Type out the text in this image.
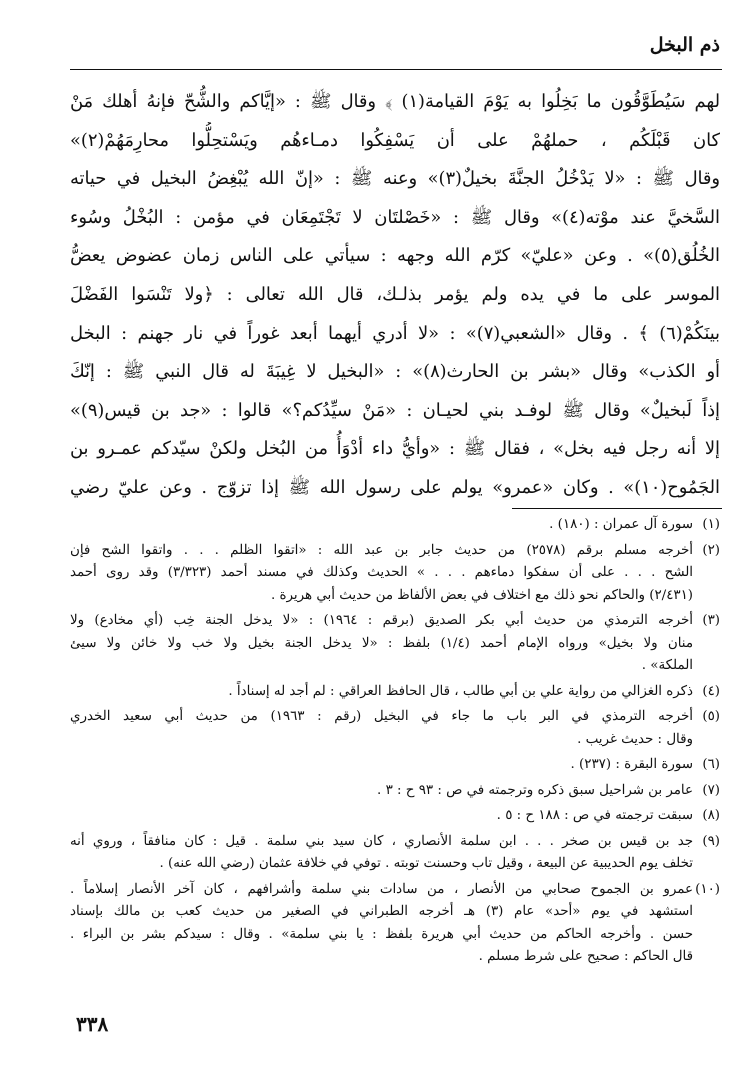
ذم البخل
لهم سَيُطَوَّقُون ما بَخِلُوا به يَوْمَ القيامة(١) ﴾ وقال ﷺ : «إيَّاكم والشُّحّ فإنهُ أهلك مَنْ
كان قَبْلَكُم ، حملهُمْ على أن يَسْفِكُوا دمـاءهُم ويَسْتحِلُّوا محارِمَهُمْ(٢)»
وقال ﷺ : «لا يَدْخُلُ الجنَّةَ بخيلٌ(٣)» وعنه ﷺ : «إنّ الله يُبْغِضُ البخيل في حياته
السَّخيَّ عند موْته(٤)» وقال ﷺ : «خَصْلتَان لا تَجْتَمِعَان في مؤمن : البُخْلُ وسُوء
الخُلُق(٥)» . وعن «عليّ» كرّم الله وجهه : سيأتي على الناس زمان عضوض يعضُّ
الموسر على ما في يده ولم يؤمر بذلـك، قال الله تعالى : ﴿ولا تَنْسَوا الفَضْلَ
بينَكُمْ(٦) ﴾ . وقال «الشعبي(٧)» : «لا أدري أيهما أبعد غوراً في نار جهنم : البخل
أو الكذب» وقال «بشر بن الحارث(٨)» : «البخيل لا غِيبَةَ له قال النبي ﷺ : إنّكَ
إذاً لَبخيلٌ» وقال ﷺ لوفـد بني لحيـان : «مَنْ سيِّدُكم؟» قالوا : «جد بن قيس(٩)»
إلا أنه رجل فيه بخل» ، فقال ﷺ : «وأيُّ داء أدْوَأُ من البُخل ولكنْ سيّدكم عمـرو بن
الجَمُوح(١٠)» . وكان «عمرو» يولم على رسول الله ﷺ إذا تزوّج . وعن عليّ رضي
(١)
سورة آل عمران : (١٨٠) .
(٢)
أخرجه مسلم برقم (٢٥٧٨) من حديث جابر بن عبد الله : «اتقوا الظلم . . . واتقوا الشح فإن
الشح . . . على أن سفكوا دماءهم . . . » الحديث وكذلك في مسند أحمد (٣/٣٢٣) وقد روى أحمد
(٢/٤٣١) والحاكم نحو ذلك مع اختلاف في بعض الألفاظ من حديث أبي هريرة .
(٣)
أخرجه الترمذي من حديث أبي بكر الصديق (برقم : ١٩٦٤) : «لا يدخل الجنة خِب (أي مخادع) ولا
منان ولا بخيل» ورواه الإمام أحمد (١/٤) بلفظ : «لا يدخل الجنة بخيل ولا خب ولا خائن ولا سيئ
الملكة» .
(٤)
ذكره الغزالي من رواية علي بن أبي طالب ، قال الحافظ العراقي : لم أجد له إسناداً .
(٥)
أخرجه الترمذي في البر باب ما جاء في البخيل (رقم : ١٩٦٣) من حديث أبي سعيد الخدري
وقال : حديث غريب .
(٦)
سورة البقرة : (٢٣٧) .
(٧)
عامر بن شراحيل سبق ذكره وترجمته في ص : ٩٣ ح : ٣ .
(٨)
سبقت ترجمته في ص : ١٨٨ ح : ٥ .
(٩)
جد بن قيس بن صخر . . . ابن سلمة الأنصاري ، كان سيد بني سلمة . قيل : كان منافقاً ، وروي أنه
تخلف يوم الحديبية عن البيعة ، وقيل تاب وحسنت توبته . توفي في خلافة عثمان (رضي الله عنه) .
(١٠)
عمرو بن الجموح صحابي من الأنصار ، من سادات بني سلمة وأشرافهم ، كان آخر الأنصار إسلاماً .
استشهد في يوم «أحد» عام (٣) هـ أخرجه الطبراني في الصغير من حديث كعب بن مالك بإسناد
حسن . وأخرجه الحاكم من حديث أبي هريرة بلفظ : يا بني سلمة» . وقال : سيدكم بشر بن البراء .
قال الحاكم : صحيح على شرط مسلم .
٣٣٨
